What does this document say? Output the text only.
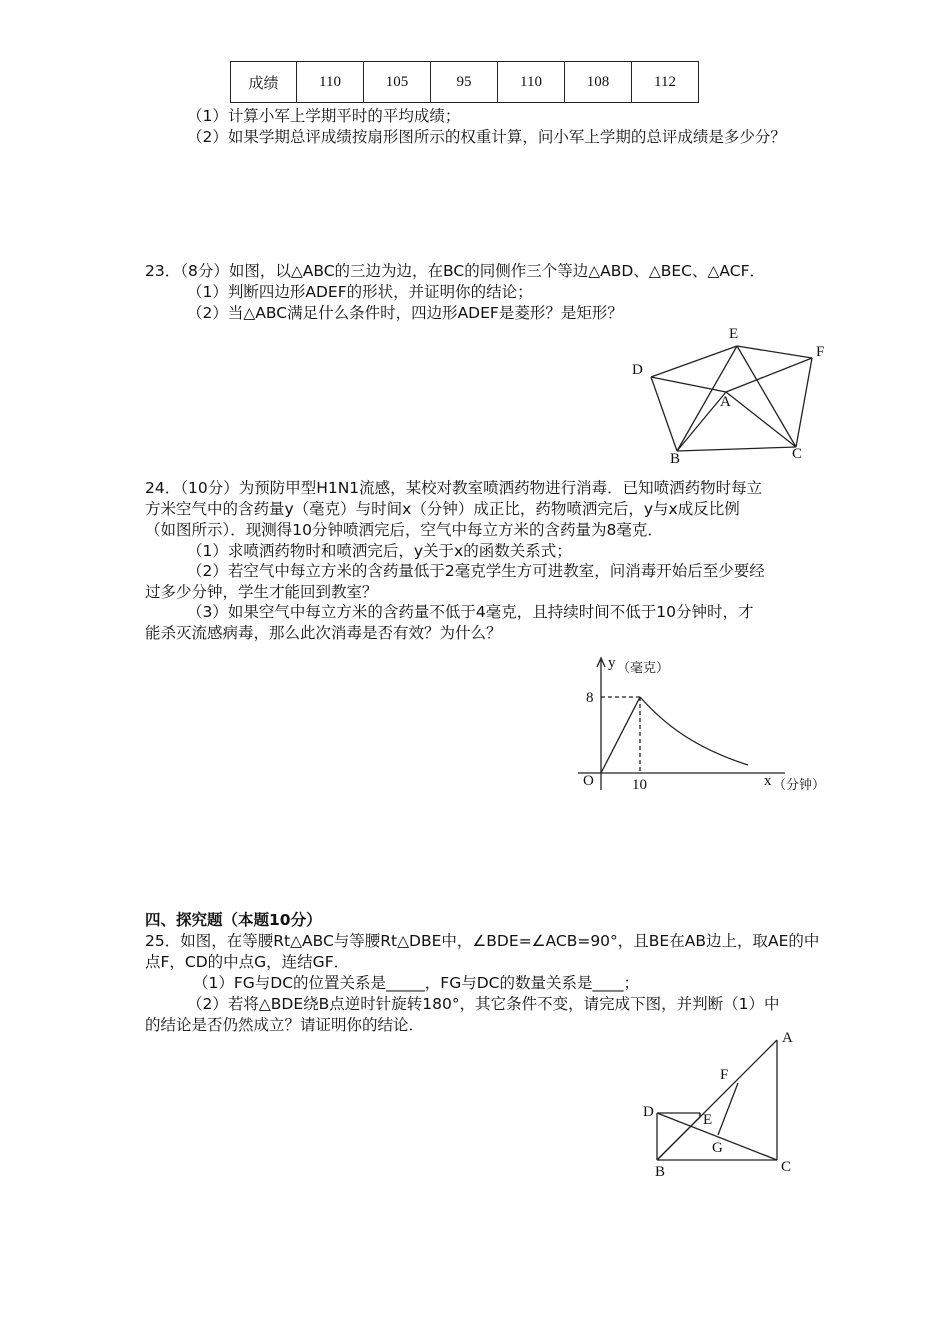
成绩	110	105	95	110	108	112
（1）计算小军上学期平时的平均成绩；
（2）如果学期总评成绩按扇形图所示的权重计算，问小军上学期的总评成绩是多少分？
23．（8分）如图，以△ABC的三边为边，在BC的同侧作三个等边△ABD、△BEC、△ACF．
（1）判断四边形ADEF的形状，并证明你的结论；
（2）当△ABC满足什么条件时，四边形ADEF是菱形？是矩形？
E
F
D
A
B	C
24．（10分）为预防甲型H1N1流感，某校对教室喷洒药物进行消毒．已知喷洒药物时每立
方米空气中的含药量y（毫克）与时间x（分钟）成正比，药物喷洒完后，y与x成反比例
（如图所示）．现测得10分钟喷洒完后，空气中每立方米的含药量为8毫克．
（1）求喷洒药物时和喷洒完后，y关于x的函数关系式；
（2）若空气中每立方米的含药量低于2毫克学生方可进教室，问消毒开始后至少要经
过多少分钟，学生才能回到教室？
（3）如果空气中每立方米的含药量不低于4毫克，且持续时间不低于10分钟时，才
能杀灭流感病毒，那么此次消毒是否有效？为什么？
y （毫克）
8
O	10	x （分钟）
四、探究题（本题10分）
25．如图，在等腰Rt△ABC与等腰Rt△DBE中，∠BDE=∠ACB=90°，且BE在AB边上，取AE的中
点F，CD的中点G，连结GF．
（1）FG与DC的位置关系是_____，FG与DC的数量关系是____；
（2）若将△BDE绕B点逆时针旋转180°，其它条件不变，请完成下图，并判断（1）中
的结论是否仍然成立？请证明你的结论．
A
F
D	E
G
B	C
